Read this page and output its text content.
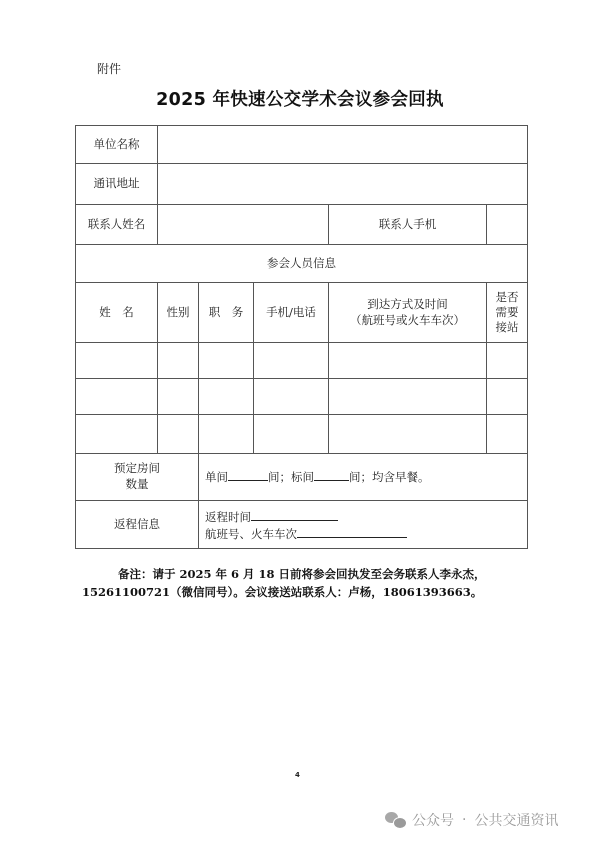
附件
2025 年快速公交学术会议参会回执
单位名称					
通讯地址					
联系人姓名				联系人手机	
参会人员信息					
姓　名	性别	职　务	手机/电话	到达方式及时间
（航班号或火车车次）	是否需要接站

预定房间
数量		单间 间；标间 间；均含早餐。			
返程信息		返程时间
航班号、火车车次			
备注：请于 2025 年 6 月 18 日前将参会回执发至会务联系人李永杰，
15261100721（微信同号）。会议接送站联系人：卢杨，18061393663。
4
公众号 · 公共交通资讯
